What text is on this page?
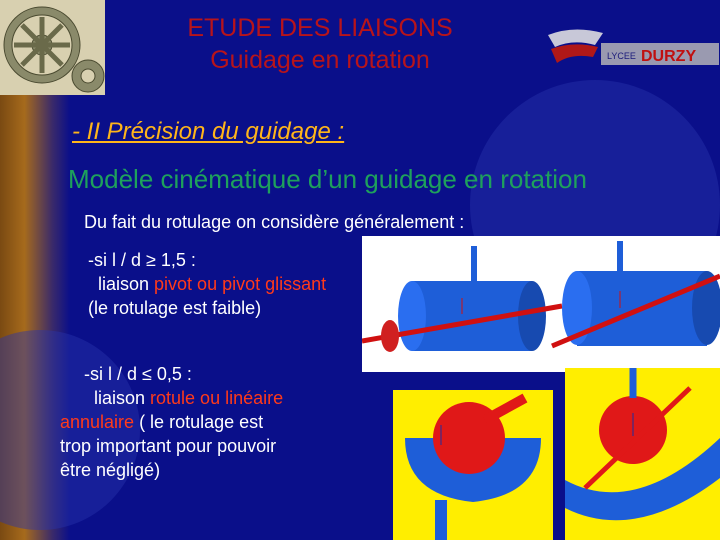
ETUDE DES LIAISONS
Guidage en rotation	LYCEE DURZY
- II Précision du guidage :
Modèle cinématique d’un guidage en rotation
Du fait du rotulage on considère généralement :
-si l / d ≥ 1,5 :
liaison pivot ou pivot glissant
(le rotulage est faible)
-si l / d ≤ 0,5 :
liaison rotule ou linéaire
annulaire ( le rotulage est
trop important pour pouvoir
être négligé)
